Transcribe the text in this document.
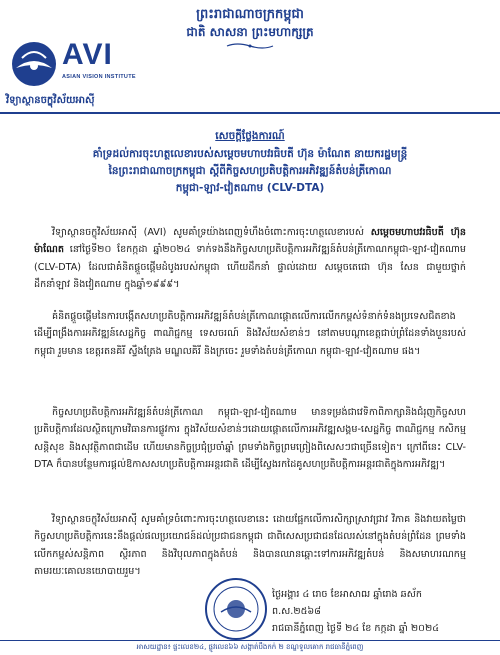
ព្រះរាជាណាចក្រកម្ពុជា
ជាតិ សាសនា ព្រះមហាក្សត្រ
AVI
ASIAN VISION INSTITUTE
វិទ្យាស្ថានចក្ខុវិស័យអាស៊ី
សេចក្តីថ្លែងការណ៍
គាំទ្រដល់ការចុះហត្ថលេខារបស់សម្តេចមហាបវរធិបតី ហ៊ុន ម៉ាណែត នាយករដ្ឋមន្ត្រី
នៃព្រះរាជាណាចក្រកម្ពុជា ស្តីពីកិច្ចសហប្រតិបត្តិការអភិវឌ្ឍន៍តំបន់ត្រីកោណ
កម្ពុជា-ឡាវ-វៀតណាម (CLV-DTA)
វិទ្យាស្ថានចក្ខុវិស័យអាស៊ី (AVI) សូមគាំទ្រយ៉ាងពេញទំហឹងចំពោះការចុះហត្ថលេខារបស់ សម្តេចមហាបវរធិបតី ហ៊ុន ម៉ាណែត នៅថ្ងៃទី២០ ខែកក្កដា ឆ្នាំ២០២៤ ទាក់ទងនឹងកិច្ចសហប្រតិបត្តិការអភិវឌ្ឍន៍តំបន់ត្រីកោណកម្ពុជា-ឡាវ-វៀតណាម (CLV-DTA) ដែលជាគំនិតផ្តួចផ្តើមដំបូងរបស់កម្ពុជា ហើយដឹកនាំ ផ្ទាល់ដោយ សម្តេចតេជោ ហ៊ុន សែន ជាមួយថ្នាក់ដឹកនាំឡាវ និងវៀតណាម ក្នុងឆ្នាំ១៩៩៩។
គំនិតផ្តួចផ្តើមនៃការបង្កើតសហប្រតិបត្តិការអភិវឌ្ឍន៍តំបន់ត្រីកោណផ្តោតលើការលើកកម្ពស់ទំនាក់ទំនងប្រទេសជិតខាង ដើម្បីពង្រឹងការអភិវឌ្ឍន៍សេដ្ឋកិច្ច ពាណិជ្ជកម្ម ទេសចរណ៍ និងវិស័យសំខាន់ៗ នៅតាមបណ្តាខេត្តជាប់ព្រំដែនទាំងបួនរបស់កម្ពុជា រួមមាន ខេត្តរតនគិរី ស្ទឹងត្រែង មណ្ឌលគិរី និងក្រចេះ រួមទាំងតំបន់ត្រីកោណ កម្ពុជា-ឡាវ-វៀតណាម ផង។
កិច្ចសហប្រតិបត្តិការអភិវឌ្ឍន៍តំបន់ត្រីកោណ កម្ពុជា-ឡាវ-វៀតណាម មានទម្រង់ជាវេទិកាពិភាក្សានិងជំរុញកិច្ចសហប្រតិបត្តិការដែលស្ថិតក្រោមវិធានការផ្លូវការ ក្នុងវិស័យសំខាន់ៗដោយផ្តោតលើការអភិវឌ្ឍសង្គម-សេដ្ឋកិច្ច ពាណិជ្ជកម្ម កសិកម្ម សន្តិសុខ និងសុវត្ថិភាពជាដើម ហើយមានកិច្ចប្រជុំប្រចាំឆ្នាំ ព្រមទាំងកិច្ចព្រមព្រៀងពិសេសៗជាច្រើនទៀត។ ក្រៅពីនេះ CLV-DTA ក៏បានបន្ថែមការផ្តល់ឱកាសសហប្រតិបត្តិការអន្តរជាតិ ដើម្បីស្វែងរកដៃគូសហប្រតិបត្តិការអន្តរជាតិក្នុងការអភិវឌ្ឍ។
វិទ្យាស្ថានចក្ខុវិស័យអាស៊ី សូមគាំទ្រចំពោះការចុះហត្ថលេខានេះ ដោយផ្អែកលើការសិក្សាស្រាវជ្រាវ វិភាគ និងវាយតម្លៃថាកិច្ចសហប្រតិបត្តិការនេះនឹងផ្តល់ផលប្រយោជន៍ដល់ប្រជាជនកម្ពុជា ជាពិសេសប្រជាជនដែលរស់នៅក្នុងតំបន់ព្រំដែន ព្រមទាំងលើកកម្ពស់សន្តិភាព ស្ថិរភាព និងវិបុលភាពក្នុងតំបន់ និងបានឈានឆ្ពោះទៅការអភិវឌ្ឍតំបន់ និងសមាហរណកម្មតាមរយៈគោលនយោបាយរួម។
ថ្ងៃអង្គារ ៤ រោច ខែអាសាឍ ឆ្នាំរោង ឆស័ក ព.ស.២៥៦៨
រាជធានីភ្នំពេញ ថ្ងៃទី ២៤ ខែ កក្កដា ឆ្នាំ ២០២៤
អាសយដ្ឋាន៖ ផ្ទះលេខ២៤, ផ្លូវលេខ៦៦ សង្កាត់បឹងកក់ ២ ខណ្ឌទួលគោក រាជធានីភ្នំពេញ
